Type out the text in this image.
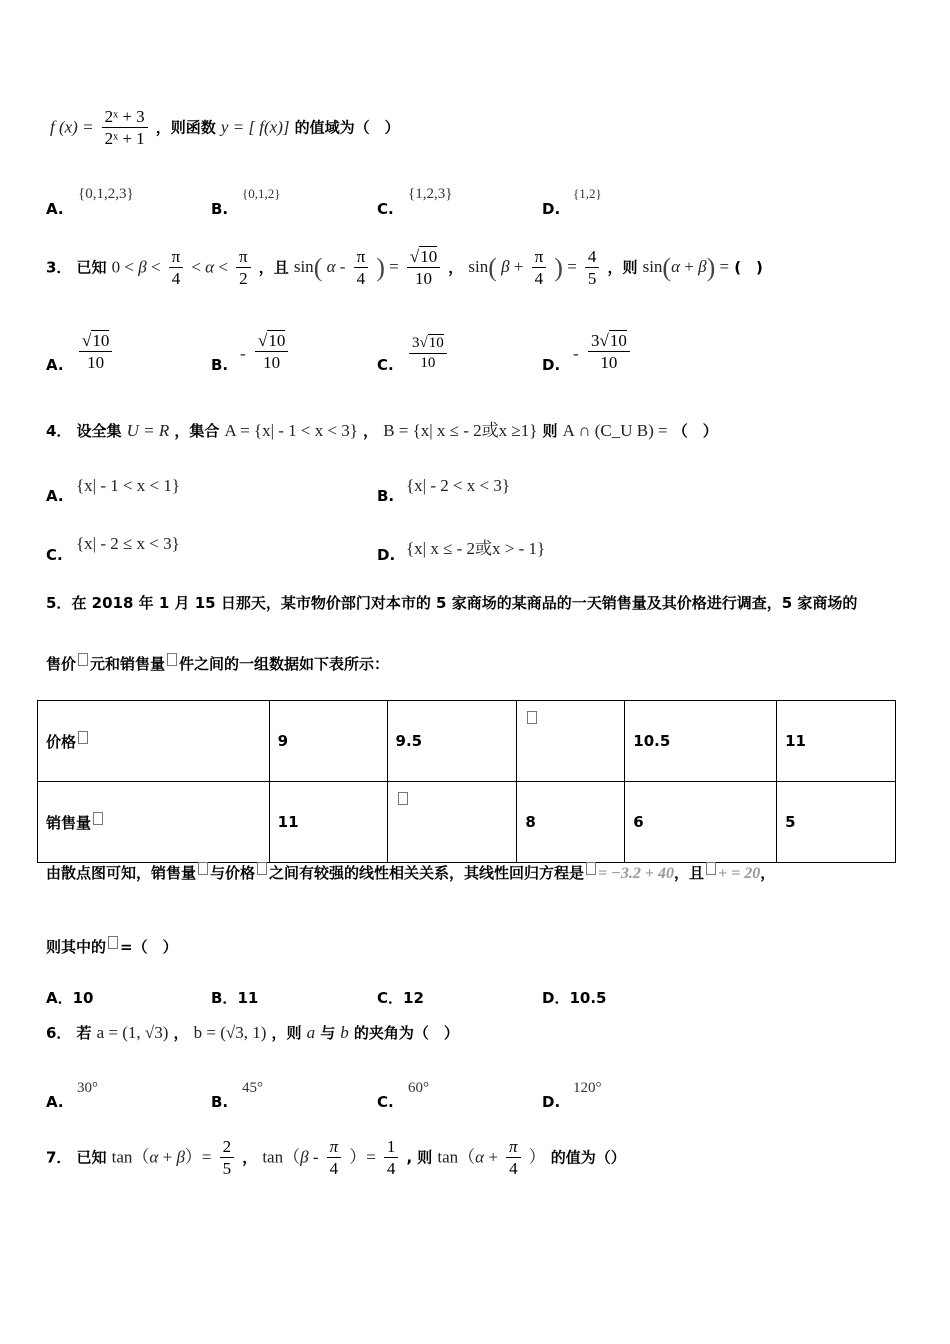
f $(x) = \frac{\text{2ˣ + 3}}{\text{2ˣ + 1}}$ ，则函数 y = [ f(x)] 的值域为（　）
A.
{0,1,2,3}
B.
{0,1,2}
C.
{1,2,3}
D.
{1,2}
3． 已知 $0 < \beta < \frac{\pi}{4} < \alpha < \frac{\pi}{2}$ ，且 sin( α - $\frac{\pi}{4}$ ) = $\frac{√10}{10}$ ， sin( $\beta + \frac{\pi}{4}$ ) = $\frac{4}{5}$ ，则 sin(α + β) = (　)
A. $\frac{√10}{10}$	B.
- $\frac{√10}{10}$	C. $\frac{3√10}{10}$	D.
- $\frac{3√10}{10}$
4． 设全集 U = R ，集合 A = {x| - 1 < x < 3} ， B = {x| x ≤ - 2或x ≥1} 则 A ∩ (C_U B) = （　）
A.
{x| - 1 < x < 1}
B.
{x| - 2 < x < 3}
C.
{x| - 2 ≤ x < 3}
D. {x| x ≤ - 2或x > - 1}
5．在 2018 年 1 月 15 日那天，某市物价部门对本市的 5 家商场的某商品的一天销售量及其价格进行调查，5 家商场的
售价 元和销售量 件之间的一组数据如下表所示：
价格	9	9.5		10.5	11
销售量	11		8	6	5
由散点图可知，销售量 与价格 之间有较强的线性相关关系，其线性回归方程是 = −3.2 + 40，且 + = 20，
则其中的 =（　）
A．10	B．11	C．12	D．10.5
6． 若 a = (1, √3) ， b = (√3, 1) ，则 a 与 b 的夹角为（　）
A.
30°
B.
45°
C.
60°
D.
120°
7． 已知 $\tan(\alpha + \beta)= \frac{2}{5}$ ， $\tan(\beta - \frac{\pi}{4}$ ）= $\frac{1}{4}$ , 则 $\tan(\alpha + \frac{\pi}{4}$ ） 的值为（）
